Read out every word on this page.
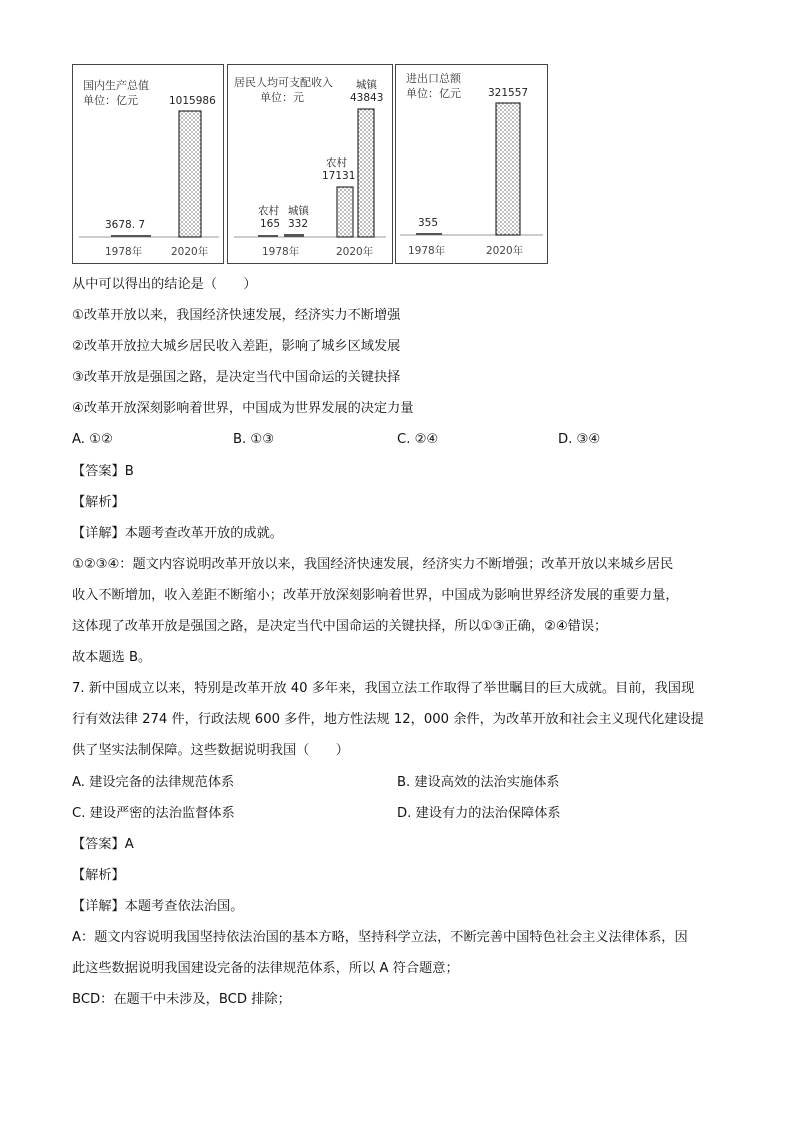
国内生产总值
单位：亿元	1015986
3678. 7
1978年	2020年
居民人均可支配收入
单位：元
城镇
43843
农村
17131
农村 城镇
165 332
1978年	2020年
进出口总额
单位：亿元	321557
355
1978年	2020年
从中可以得出的结论是（　　）
①改革开放以来，我国经济快速发展，经济实力不断增强
②改革开放拉大城乡居民收入差距，影响了城乡区域发展
③改革开放是强国之路，是决定当代中国命运的关键抉择
④改革开放深刻影响着世界，中国成为世界发展的决定力量
A. ①②	B. ①③	C. ②④	D. ③④
【答案】B
【解析】
【详解】本题考查改革开放的成就。
①②③④：题文内容说明改革开放以来，我国经济快速发展，经济实力不断增强；改革开放以来城乡居民
收入不断增加，收入差距不断缩小；改革开放深刻影响着世界，中国成为影响世界经济发展的重要力量，
这体现了改革开放是强国之路，是决定当代中国命运的关键抉择，所以①③正确，②④错误；
故本题选 B。
7. 新中国成立以来，特别是改革开放 40 多年来，我国立法工作取得了举世瞩目的巨大成就。目前，我国现
行有效法律 274 件，行政法规 600 多件，地方性法规 12，000 余件，为改革开放和社会主义现代化建设提
供了坚实法制保障。这些数据说明我国（　　）
A. 建设完备的法律规范体系	B. 建设高效的法治实施体系
C. 建设严密的法治监督体系	D. 建设有力的法治保障体系
【答案】A
【解析】
【详解】本题考查依法治国。
A：题文内容说明我国坚持依法治国的基本方略，坚持科学立法，不断完善中国特色社会主义法律体系，因
此这些数据说明我国建设完备的法律规范体系，所以 A 符合题意；
BCD：在题干中未涉及，BCD 排除；
